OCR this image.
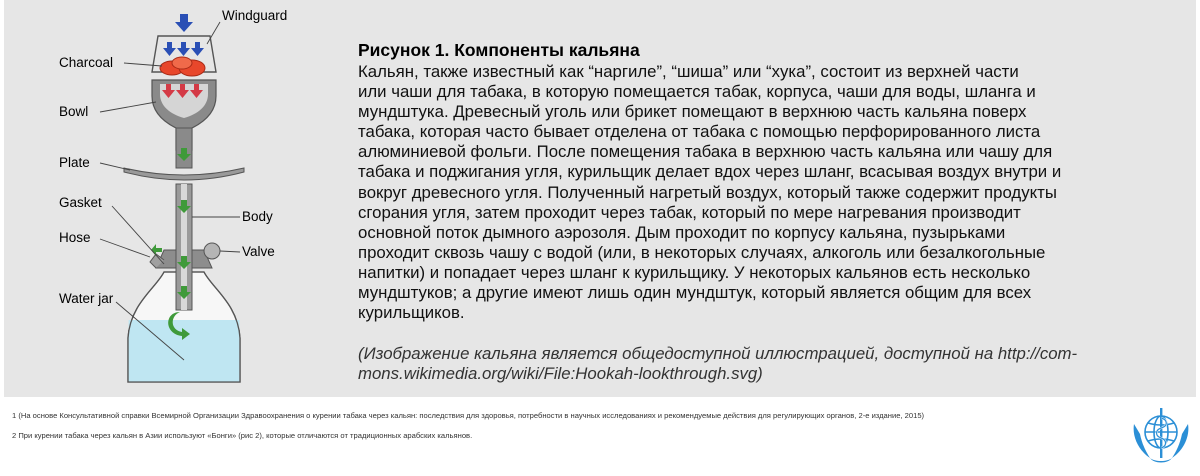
Windguard
Charcoal
Bowl
Plate
Gasket
Body
Hose
Valve
Water jar
Рисунок 1. Компоненты кальяна

Кальян, также известный как “наргиле”, “шиша” или “хука”, состоит из верхней части
или чаши для табака, в которую помещается табак, корпуса, чаши для воды, шланга и
мундштука. Древесный уголь или брикет помещают в верхнюю часть кальяна поверх
табака, которая часто бывает отделена от табака с помощью перфорированного листа
алюминиевой фольги. После помещения табака в верхнюю часть кальяна или чашу для
табака и поджигания угля, курильщик делает вдох через шланг, всасывая воздух внутри и
вокруг древесного угля. Полученный нагретый воздух, который также содержит продукты
сгорания угля, затем проходит через табак, который по мере нагревания производит
основной поток дымного аэрозоля. Дым проходит по корпусу кальяна, пузырьками
проходит сквозь чашу с водой (или, в некоторых случаях, алкоголь или безалкогольные
напитки) и попадает через шланг к курильщику. У некоторых кальянов есть несколько
мундштуков; а другие имеют лишь один мундштук, который является общим для всех
курильщиков.

(Изображение кальяна является общедоступной иллюстрацией, доступной на http://com-
mons.wikimedia.org/wiki/File:Hookah-lookthrough.svg)

1 (На основе Консультативной справки Всемирной Организации Здравоохранения о курении табака через кальян: последствия для здоровья, потребности в научных исследованиях и рекомендуемые действия для регулирующих органов, 2-е издание, 2015)
2 При курении табака через кальян в Азии используют «Бонги» (рис 2), которые отличаются от традиционных арабских кальянов.
